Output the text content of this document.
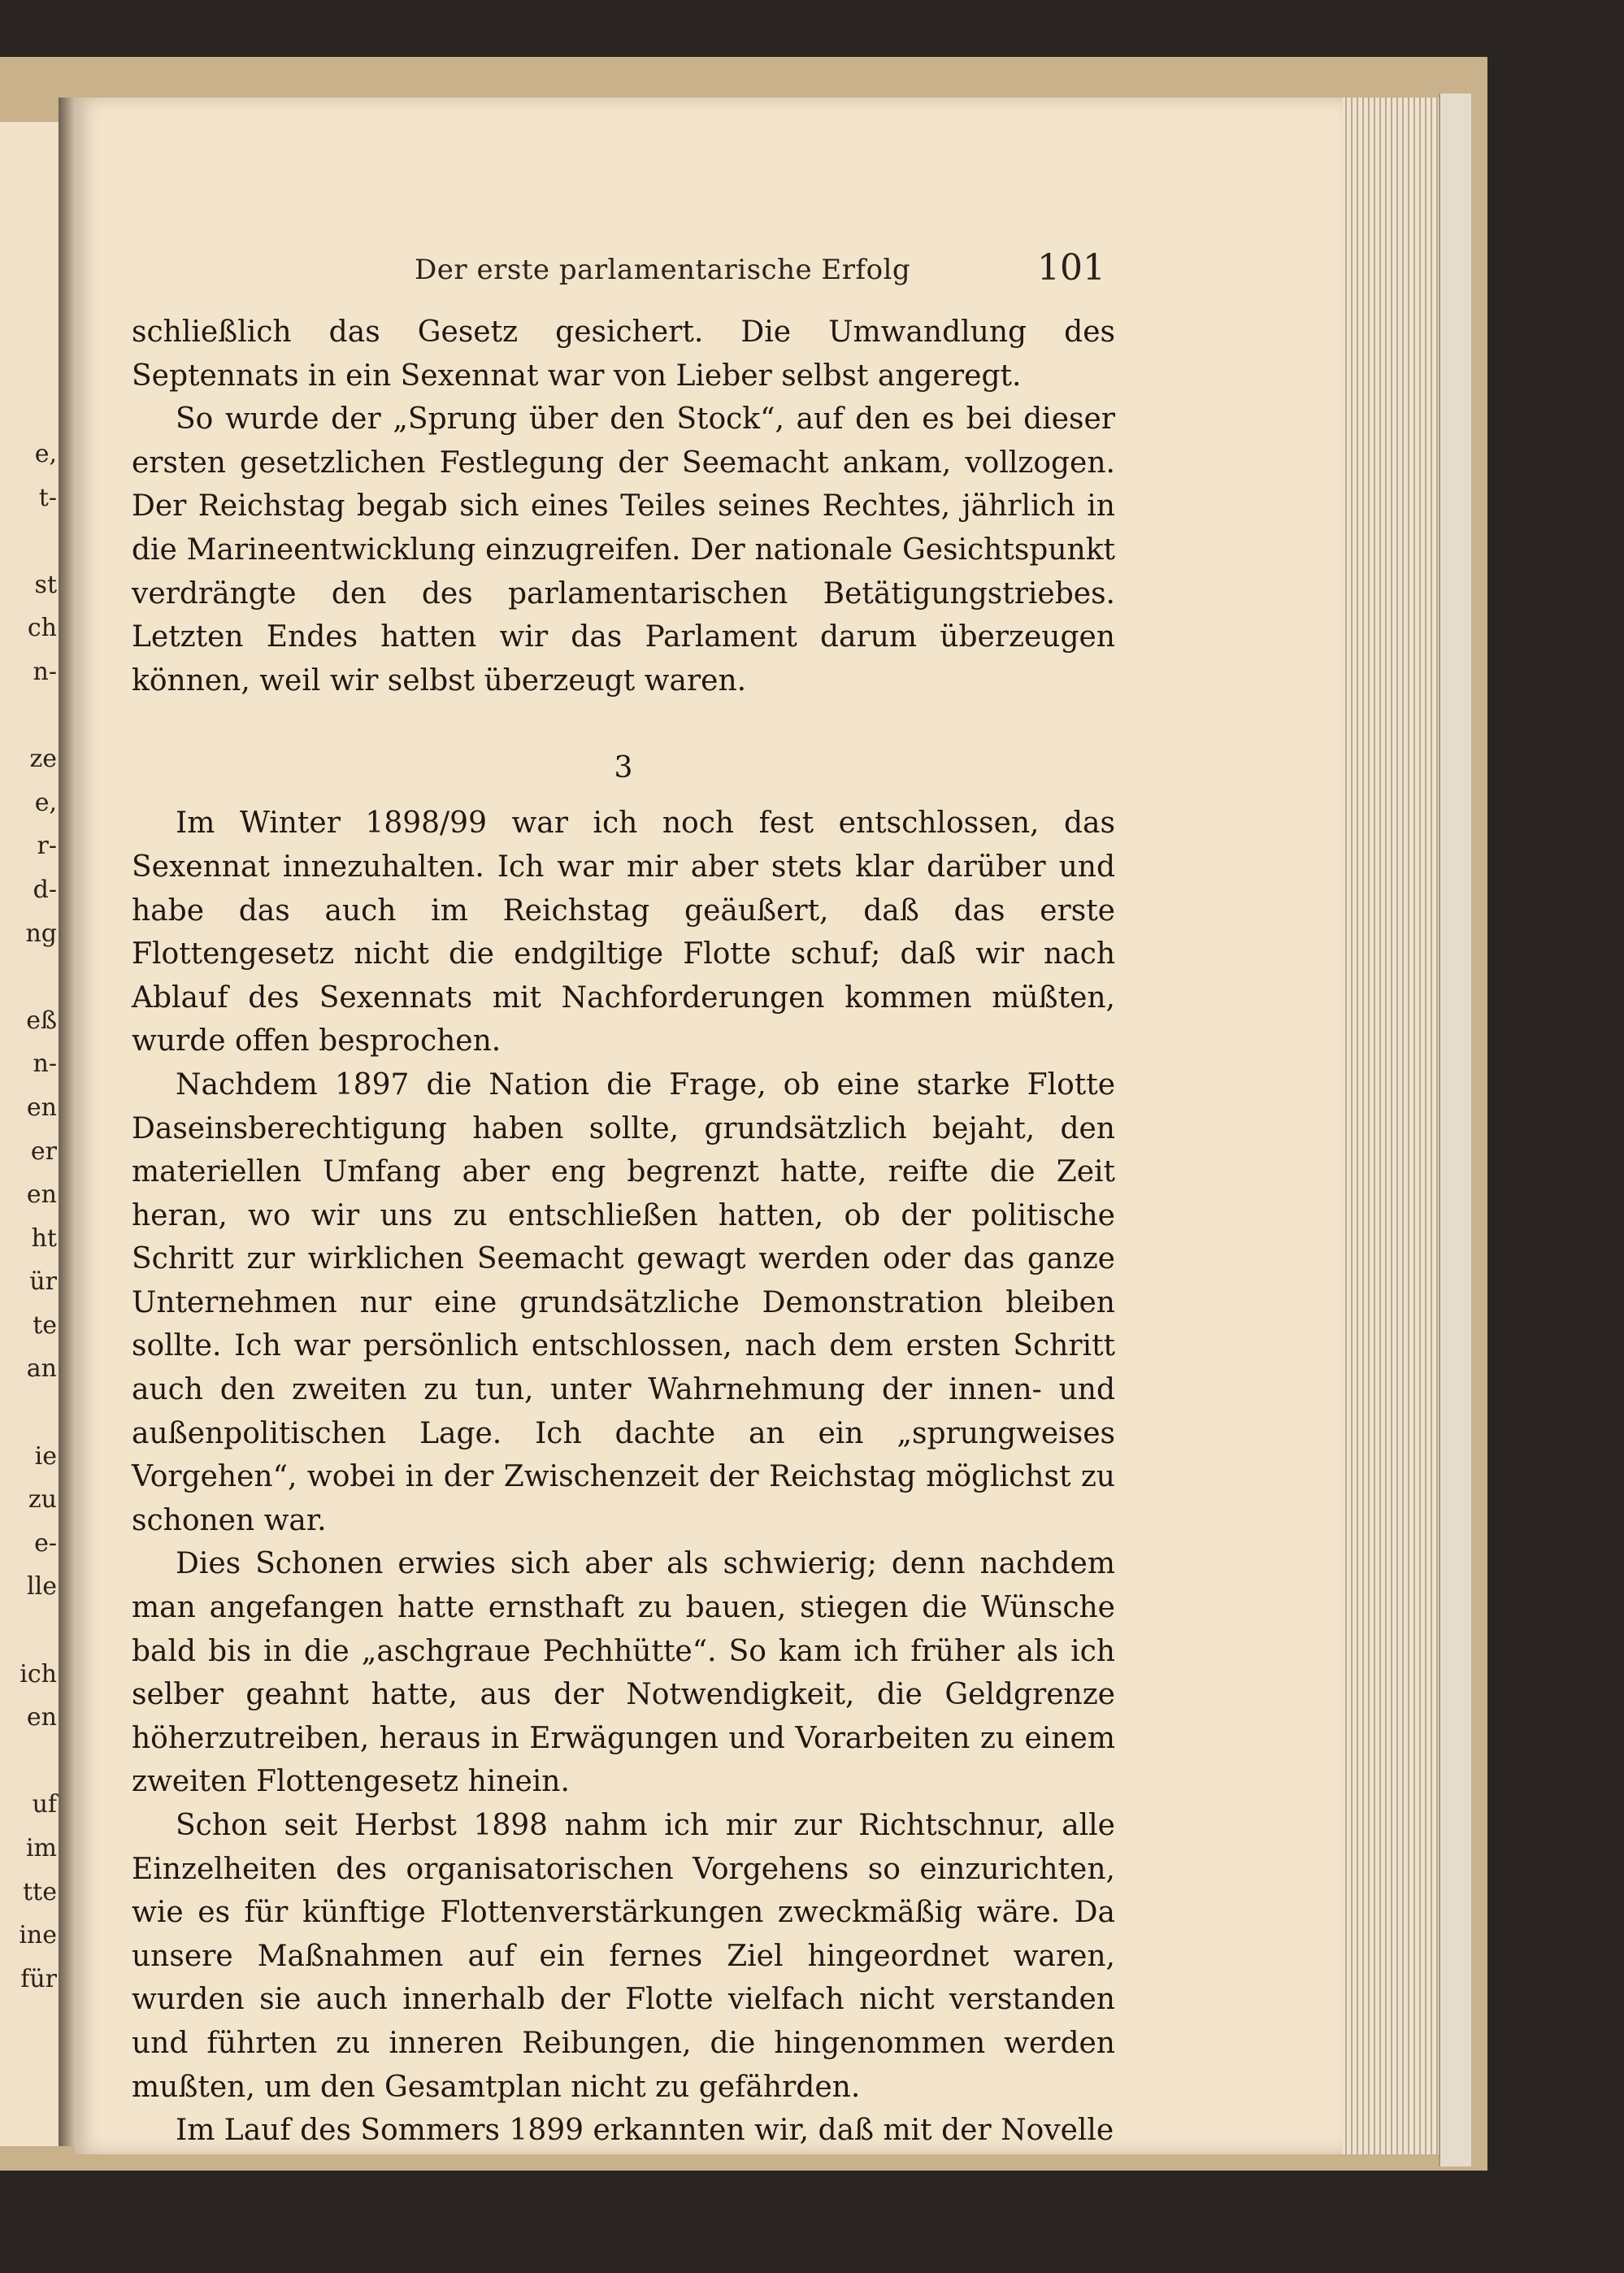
e,
t-
st
ch
n-
ze
e,
r-
d-
ng
eß
n-
en
er
en
ht
ür
te
an
ie
zu
e-
lle
ich
en
uf
im
tte
ine
für
Der erste parlamentarische Erfolg	101

schließlich das Gesetz gesichert. Die Umwandlung des Septennats in ein Sexennat war von Lieber selbst angeregt.

So wurde der „Sprung über den Stock“, auf den es bei dieser ersten gesetzlichen Festlegung der Seemacht ankam, vollzogen. Der Reichstag begab sich eines Teiles seines Rechtes, jährlich in die Marineentwicklung einzugreifen. Der nationale Gesichtspunkt verdrängte den des parlamentarischen Betätigungstriebes. Letzten Endes hatten wir das Parlament darum überzeugen können, weil wir selbst überzeugt waren.

3

Im Winter 1898/99 war ich noch fest entschlossen, das Sexennat innezuhalten. Ich war mir aber stets klar darüber und habe das auch im Reichstag geäußert, daß das erste Flottengesetz nicht die endgiltige Flotte schuf; daß wir nach Ablauf des Sexennats mit Nachforderungen kommen müßten, wurde offen besprochen.

Nachdem 1897 die Nation die Frage, ob eine starke Flotte Daseinsberechtigung haben sollte, grundsätzlich bejaht, den materiellen Umfang aber eng begrenzt hatte, reifte die Zeit heran, wo wir uns zu entschließen hatten, ob der politische Schritt zur wirklichen Seemacht gewagt werden oder das ganze Unternehmen nur eine grundsätzliche Demonstration bleiben sollte. Ich war persönlich entschlossen, nach dem ersten Schritt auch den zweiten zu tun, unter Wahrnehmung der innen- und außenpolitischen Lage. Ich dachte an ein „sprungweises Vorgehen“, wobei in der Zwischenzeit der Reichstag möglichst zu schonen war.

Dies Schonen erwies sich aber als schwierig; denn nachdem man angefangen hatte ernsthaft zu bauen, stiegen die Wünsche bald bis in die „aschgraue Pechhütte“. So kam ich früher als ich selber geahnt hatte, aus der Notwendigkeit, die Geldgrenze höherzutreiben, heraus in Erwägungen und Vorarbeiten zu einem zweiten Flottengesetz hinein.

Schon seit Herbst 1898 nahm ich mir zur Richtschnur, alle Einzelheiten des organisatorischen Vorgehens so einzurichten, wie es für künftige Flottenverstärkungen zweckmäßig wäre. Da unsere Maßnahmen auf ein fernes Ziel hingeordnet waren, wurden sie auch innerhalb der Flotte vielfach nicht verstanden und führten zu inneren Reibungen, die hingenommen werden mußten, um den Gesamtplan nicht zu gefährden.

Im Lauf des Sommers 1899 erkannten wir, daß mit der Novelle
